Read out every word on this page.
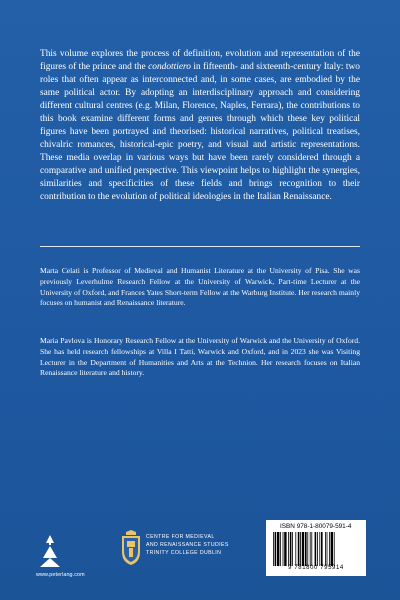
This volume explores the process of definition, evolution and representation of the figures of the prince and the condottiero in fifteenth- and sixteenth-century Italy: two roles that often appear as interconnected and, in some cases, are embodied by the same political actor. By adopting an interdisciplinary approach and considering different cultural centres (e.g. Milan, Florence, Naples, Ferrara), the contributions to this book examine different forms and genres through which these key political figures have been portrayed and theorised: historical narratives, political treatises, chivalric romances, historical-epic poetry, and visual and artistic representations. These media overlap in various ways but have been rarely considered through a comparative and unified perspective. This viewpoint helps to highlight the synergies, similarities and specificities of these fields and brings recognition to their contribution to the evolution of political ideologies in the Italian Renaissance.

Marta Celati is Professor of Medieval and Humanist Literature at the University of Pisa. She was previously Leverhulme Research Fellow at the University of Warwick, Part-time Lecturer at the University of Oxford, and Frances Yates Short-term Fellow at the Warburg Institute. Her research mainly focuses on humanist and Renaissance literature.

Maria Pavlova is Honorary Research Fellow at the University of Warwick and the University of Oxford. She has held research fellowships at Villa I Tatti, Warwick and Oxford, and in 2023 she was Visiting Lecturer in the Department of Humanities and Arts at the Technion. Her research focuses on Italian Renaissance literature and history.

www.peterlang.com
CENTRE FOR MEDIEVAL
AND RENAISSANCE STUDIES
TRINITY COLLEGE DUBLIN
ISBN 978-1-80079-591-4
9 781800 795914
